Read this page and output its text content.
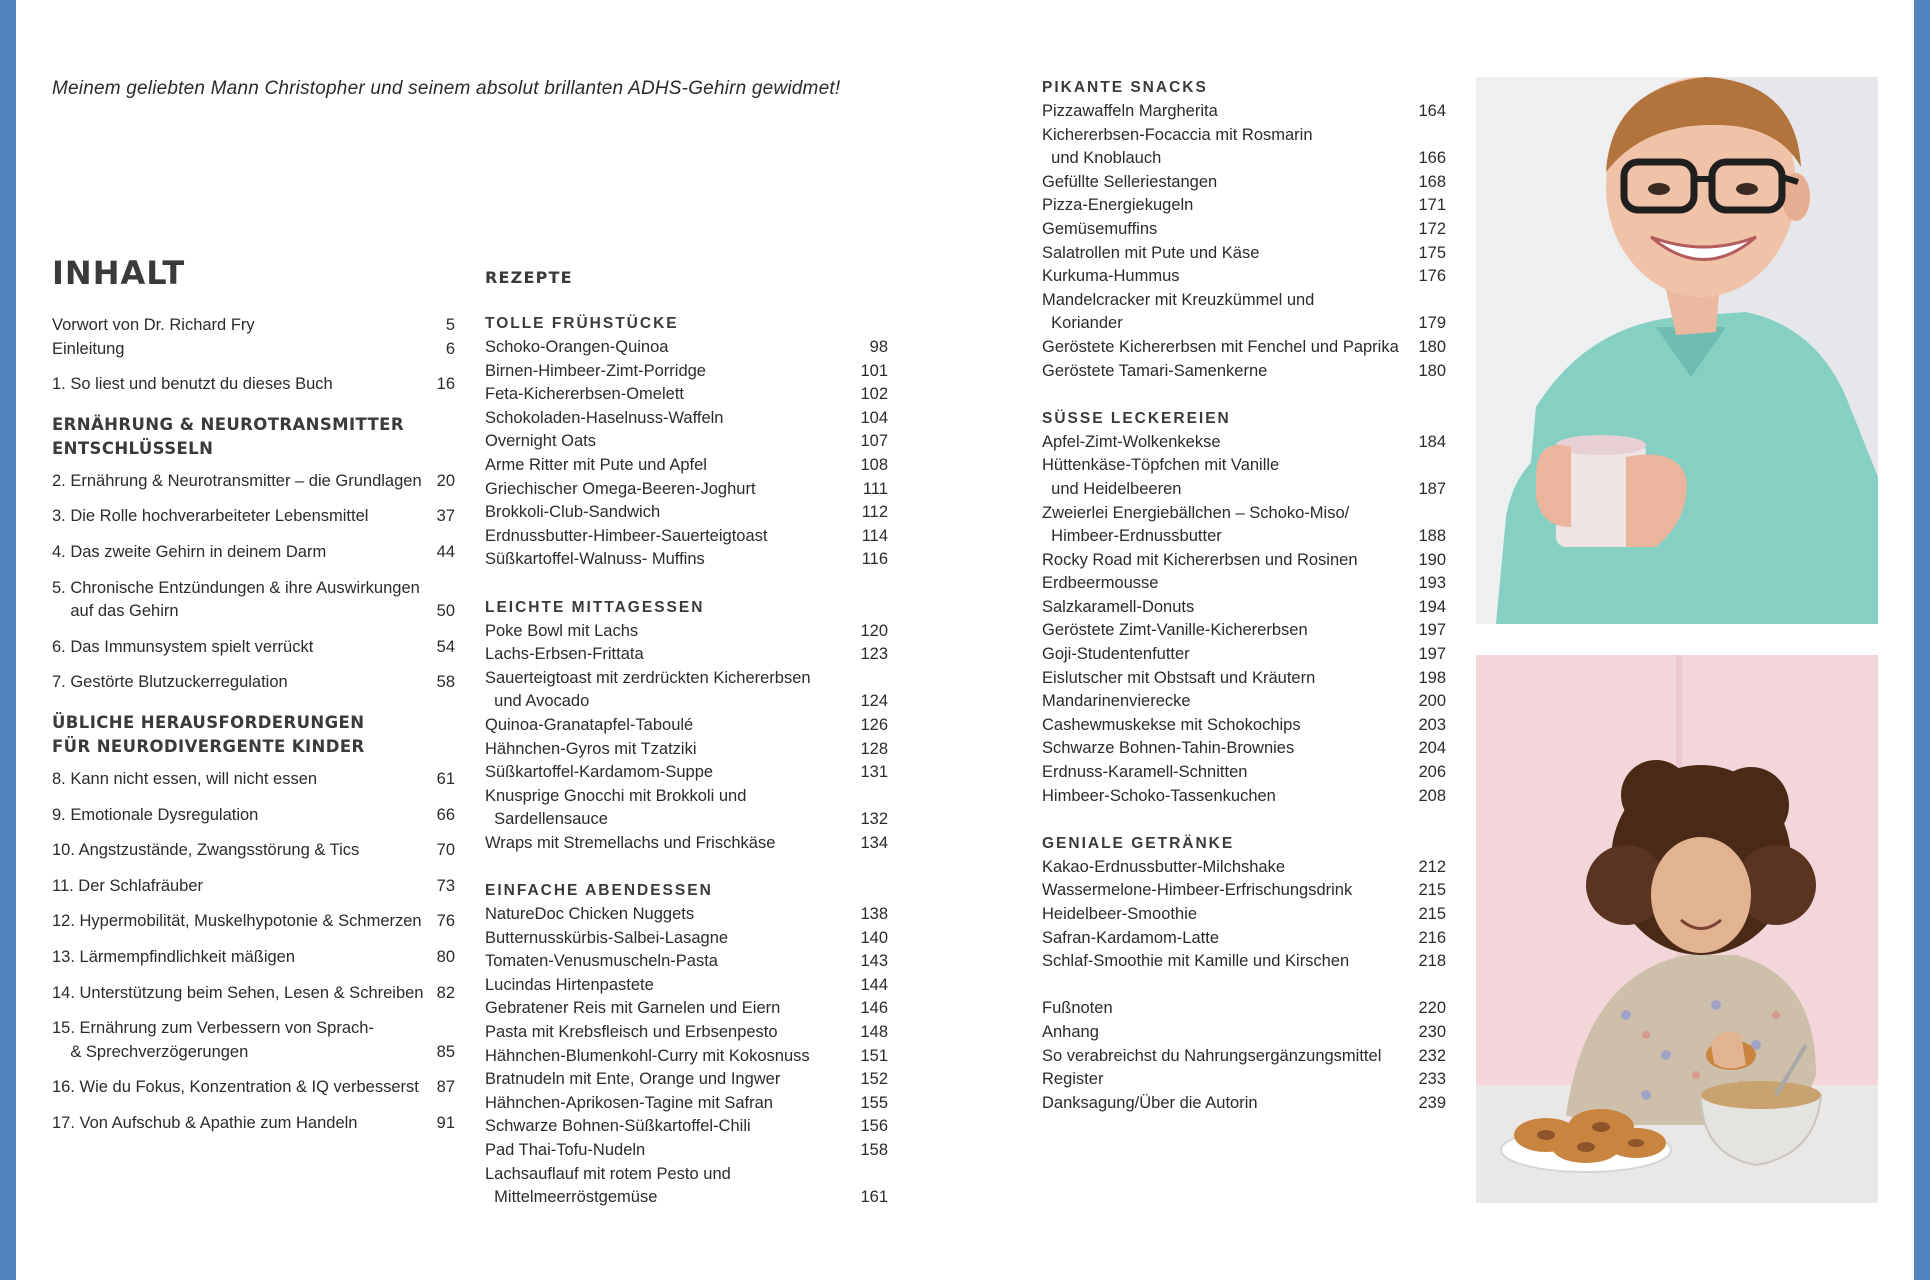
Meinem geliebten Mann Christopher und seinem absolut brillanten ADHS-Gehirn gewidmet!
INHALT	REZEPTE
Vorwort von Dr. Richard Fry	5
Einleitung	6
1. So liest und benutzt du dieses Buch	16
ERNÄHRUNG & NEUROTRANSMITTER
ENTSCHLÜSSELN
2. Ernährung & Neurotransmitter – die Grundlagen 20
3. Die Rolle hochverarbeiteter Lebensmittel	37
4. Das zweite Gehirn in deinem Darm	44
5. Chronische Entzündungen & ihre Auswirkungen
auf das Gehirn	50
6. Das Immunsystem spielt verrückt	54
7. Gestörte Blutzuckerregulation	58
ÜBLICHE HERAUSFORDERUNGEN
FÜR NEURODIVERGENTE KINDER
8. Kann nicht essen, will nicht essen	61
9. Emotionale Dysregulation	66
10. Angstzustände, Zwangsstörung & Tics	70
11. Der Schlafräuber	73
12. Hypermobilität, Muskelhypotonie & Schmerzen 76
13. Lärmempfindlichkeit mäßigen	80
14. Unterstützung beim Sehen, Lesen & Schreiben 82
15. Ernährung zum Verbessern von Sprach-
& Sprechverzögerungen	85
16. Wie du Fokus, Konzentration & IQ verbesserst	87
17. Von Aufschub & Apathie zum Handeln	91
TOLLE FRÜHSTÜCKE
Schoko-Orangen-Quinoa	98
Birnen-Himbeer-Zimt-Porridge	101
Feta-Kichererbsen-Omelett	102
Schokoladen-Haselnuss-Waffeln	104
Overnight Oats	107
Arme Ritter mit Pute und Apfel	108
Griechischer Omega-Beeren-Joghurt	111
Brokkoli-Club-Sandwich	112
Erdnussbutter-Himbeer-Sauerteigtoast	114
Süßkartoffel-Walnuss- Muffins	116
LEICHTE MITTAGESSEN
Poke Bowl mit Lachs	120
Lachs-Erbsen-Frittata	123
Sauerteigtoast mit zerdrückten Kichererbsen
und Avocado	124
Quinoa-Granatapfel-Taboulé	126
Hähnchen-Gyros mit Tzatziki	128
Süßkartoffel-Kardamom-Suppe	131
Knusprige Gnocchi mit Brokkoli und
Sardellensauce	132
Wraps mit Stremellachs und Frischkäse	134
EINFACHE ABENDESSEN
NatureDoc Chicken Nuggets	138
Butternusskürbis-Salbei-Lasagne	140
Tomaten-Venusmuscheln-Pasta	143
Lucindas Hirtenpastete	144
Gebratener Reis mit Garnelen und Eiern	146
Pasta mit Krebsfleisch und Erbsenpesto	148
Hähnchen-Blumenkohl-Curry mit Kokosnuss	151
Bratnudeln mit Ente, Orange und Ingwer	152
Hähnchen-Aprikosen-Tagine mit Safran	155
Schwarze Bohnen-Süßkartoffel-Chili	156
Pad Thai-Tofu-Nudeln	158
Lachsauflauf mit rotem Pesto und
Mittelmeerröstgemüse	161
PIKANTE SNACKS
Pizzawaffeln Margherita	164
Kichererbsen-Focaccia mit Rosmarin
und Knoblauch	166
Gefüllte Selleriestangen	168
Pizza-Energiekugeln	171
Gemüsemuffins	172
Salatrollen mit Pute und Käse	175
Kurkuma-Hummus	176
Mandelcracker mit Kreuzkümmel und
Koriander	179
Geröstete Kichererbsen mit Fenchel und Paprika 180
Geröstete Tamari-Samenkerne	180
SÜSSE LECKEREIEN
Apfel-Zimt-Wolkenkekse	184
Hüttenkäse-Töpfchen mit Vanille
und Heidelbeeren	187
Zweierlei Energiebällchen – Schoko-Miso/
Himbeer-Erdnussbutter	188
Rocky Road mit Kichererbsen und Rosinen	190
Erdbeermousse	193
Salzkaramell-Donuts	194
Geröstete Zimt-Vanille-Kichererbsen	197
Goji-Studentenfutter	197
Eislutscher mit Obstsaft und Kräutern	198
Mandarinenvierecke	200
Cashewmuskekse mit Schokochips	203
Schwarze Bohnen-Tahin-Brownies	204
Erdnuss-Karamell-Schnitten	206
Himbeer-Schoko-Tassenkuchen	208
GENIALE GETRÄNKE
Kakao-Erdnussbutter-Milchshake	212
Wassermelone-Himbeer-Erfrischungsdrink	215
Heidelbeer-Smoothie	215
Safran-Kardamom-Latte	216
Schlaf-Smoothie mit Kamille und Kirschen	218
Fußnoten	220
Anhang	230
So verabreichst du Nahrungsergänzungsmittel 232
Register	233
Danksagung/Über die Autorin	239
